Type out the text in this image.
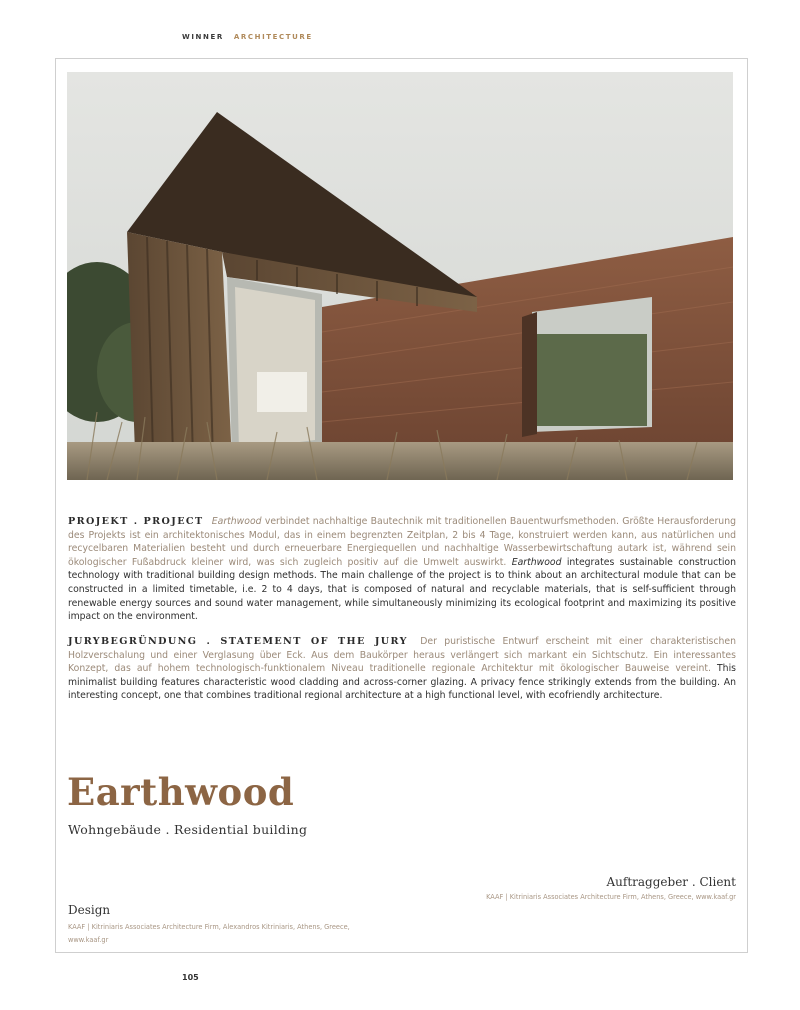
WINNER ARCHITECTURE
PROJEKT . PROJECT Earthwood verbindet nachhaltige Bautechnik mit traditionellen Bauentwurfsmethoden. Größte Herausforderung des Projekts ist ein architektonisches Modul, das in einem begrenzten Zeitplan, 2 bis 4 Tage, konstruiert werden kann, aus natürlichen und recycelbaren Materialien besteht und durch erneuerbare Energiequellen und nachhaltige Wasserbewirtschaftung autark ist, während sein ökologischer Fußabdruck kleiner wird, was sich zugleich positiv auf die Umwelt auswirkt. Earthwood integrates sustainable construction technology with traditional building design methods. The main challenge of the project is to think about an architectural module that can be constructed in a limited timetable, i.e. 2 to 4 days, that is composed of natural and recyclable materials, that is self-sufficient through renewable energy sources and sound water management, while simultaneously minimizing its ecological footprint and maximizing its positive impact on the environment.
JURYBEGRÜNDUNG . STATEMENT OF THE JURY Der puristische Entwurf erscheint mit einer charakteristischen Holzverschalung und einer Verglasung über Eck. Aus dem Baukörper heraus verlängert sich markant ein Sichtschutz. Ein interessantes Konzept, das auf hohem technologisch-funktionalem Niveau traditionelle regionale Architektur mit ökologischer Bauweise vereint. This minimalist building features characteristic wood cladding and across-corner glazing. A privacy fence strikingly extends from the building. An interesting concept, one that combines traditional regional architecture at a high functional level, with ecofriendly architecture.
Earthwood
Wohngebäude . Residential building
Auftraggeber . Client
KAAF | Kitriniaris Associates Architecture Firm, Athens, Greece, www.kaaf.gr
Design
KAAF | Kitriniaris Associates Architecture Firm, Alexandros Kitriniaris, Athens, Greece, www.kaaf.gr
105
